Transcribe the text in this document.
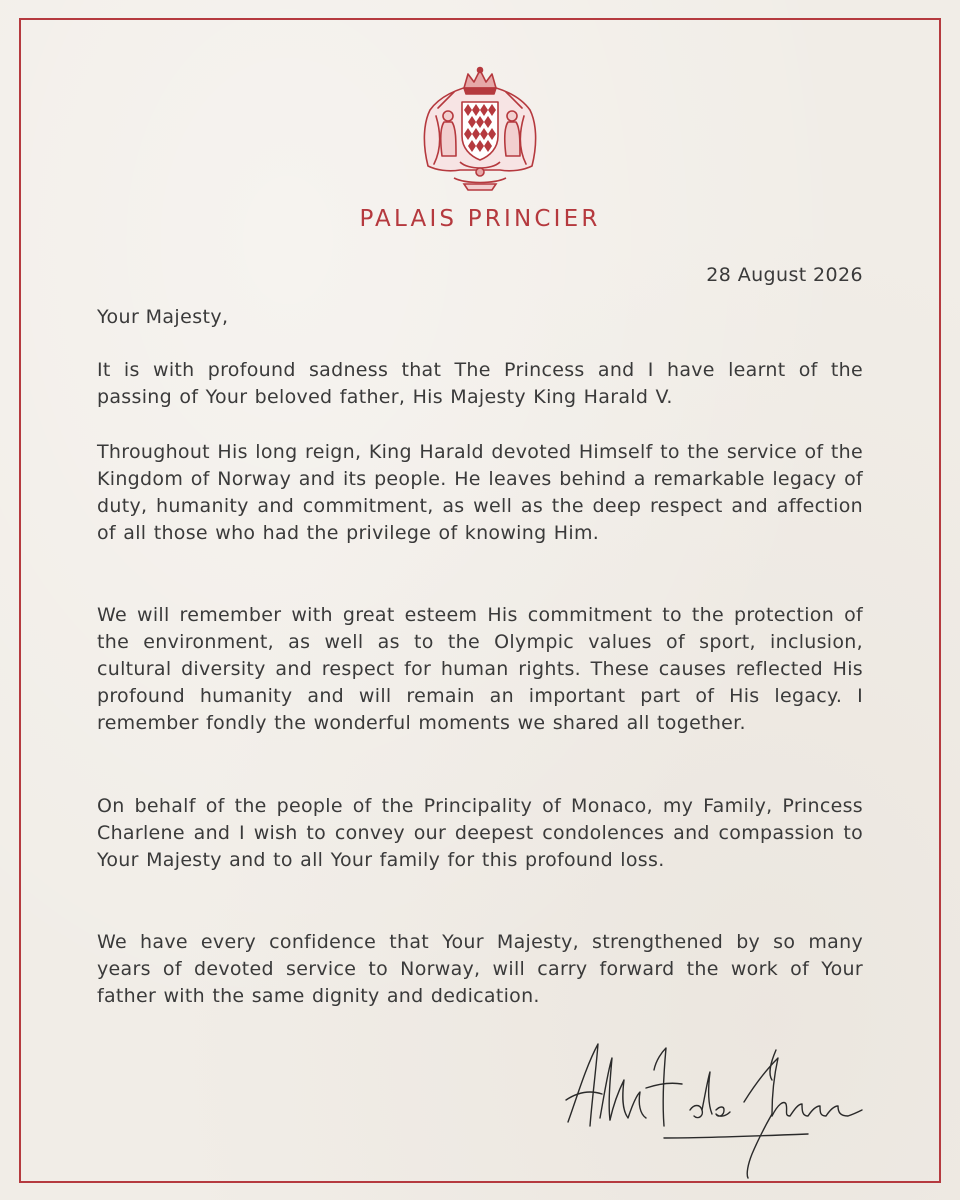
PALAIS PRINCIER
28 August 2026
Your Majesty,
It is with profound sadness that The Princess and I have learnt of the passing of Your beloved father, His Majesty King Harald V.
Throughout His long reign, King Harald devoted Himself to the service of the Kingdom of Norway and its people. He leaves behind a remarkable legacy of duty, humanity and commitment, as well as the deep respect and affection of all those who had the privilege of knowing Him.
We will remember with great esteem His commitment to the protection of the environment, as well as to the Olympic values of sport, inclusion, cultural diversity and respect for human rights. These causes reflected His profound humanity and will remain an important part of His legacy. I remember fondly the wonderful moments we shared all together.
On behalf of the people of the Principality of Monaco, my Family, Princess Charlene and I wish to convey our deepest condolences and compassion to Your Majesty and to all Your family for this profound loss.
We have every confidence that Your Majesty, strengthened by so many years of devoted service to Norway, will carry forward the work of Your father with the same dignity and dedication.
